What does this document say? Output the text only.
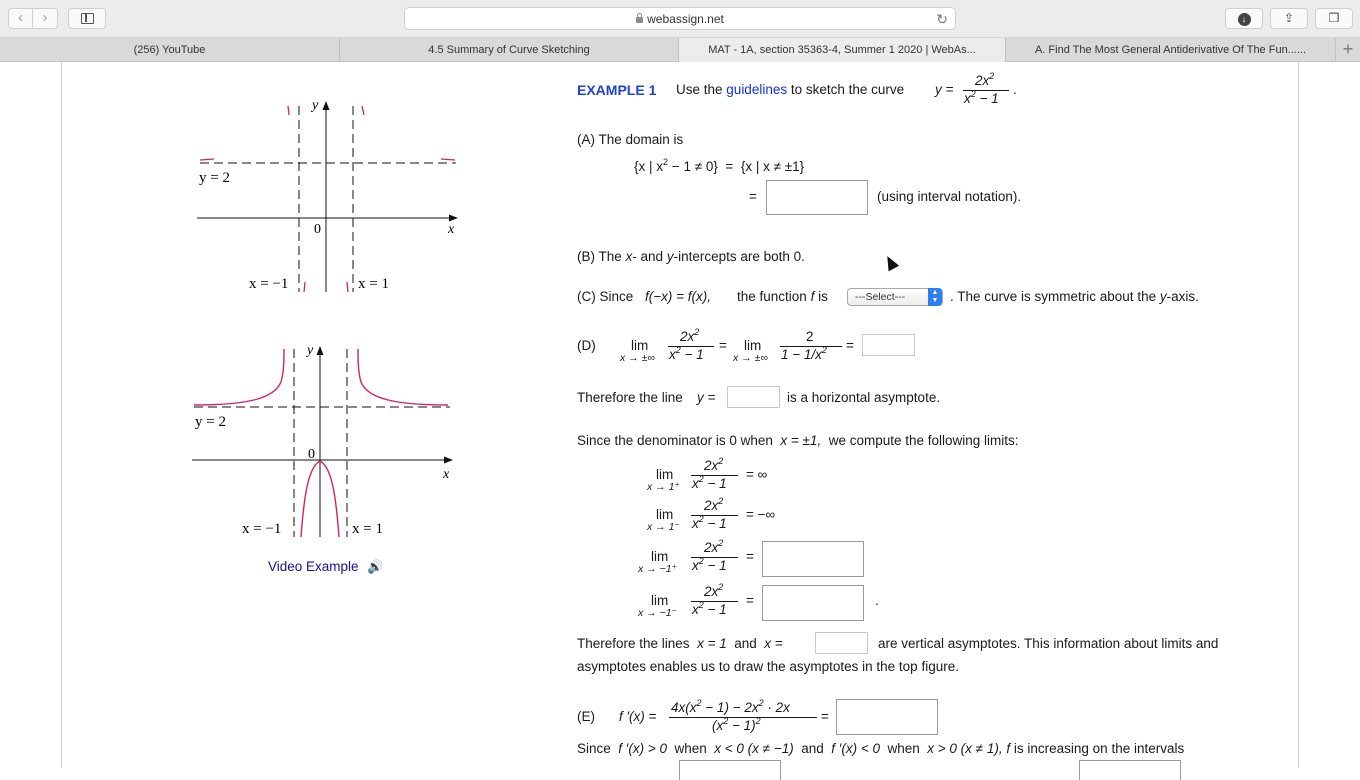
‹	›	webassign.net	↻	↓	⇪	❐
(256) YouTube	4.5 Summary of Curve Sketching	MAT - 1A, section 35363-4, Summer 1 2020 | WebAs...	A. Find The Most General Antiderivative Of The Fun......	+
y
x
0
y = 2
x = −1	x = 1
y
x
0
y = 2
x = −1	x = 1
Video Example 🔊
EXAMPLE 1 Use the guidelines to sketch the curve y =
$2x^2$
$x^2 - 1$
.
(A) The domain is
{x | $x^2 - 1 \ne 0\} = \{x$ | x ≠ ±1}
=	(using interval notation).
(B) The x- and y-intercepts are both 0.
(C) Since f(−x) = f(x), the function f is	---Select---	▲
▼ . The curve is symmetric about the y-axis.
(D)	lim
x → ±∞
$2x^2$
$x^2 - 1$
= lim
x → ±∞
2
$1 - 1/x^2$ =
Therefore the line y =	is a horizontal asymptote.
Since the denominator is 0 when x = ±1, we compute the following limits:
lim
x → 1⁺
$2x^2$
$x^2 - 1$
= ∞
lim
x → 1⁻
$2x^2$
$x^2 - 1$
= −∞
lim
x → −1⁺
$2x^2$
$x^2 - 1$
=
lim
x → −1⁻
$2x^2$
$x^2 - 1$
=	.
Therefore the lines x = 1 and x =	are vertical asymptotes. This information about limits and
asymptotes enables us to draw the asymptotes in the top figure.
(E) f ′(x) =
$4x(x^2 - 1) - 2x^2 \cdot 2x$
$(x^2 - 1)^2$	=
Since f ′(x) > 0 when x < 0 (x ≠ −1) and f ′(x) < 0 when x > 0 (x ≠ 1), f is increasing on the intervals
